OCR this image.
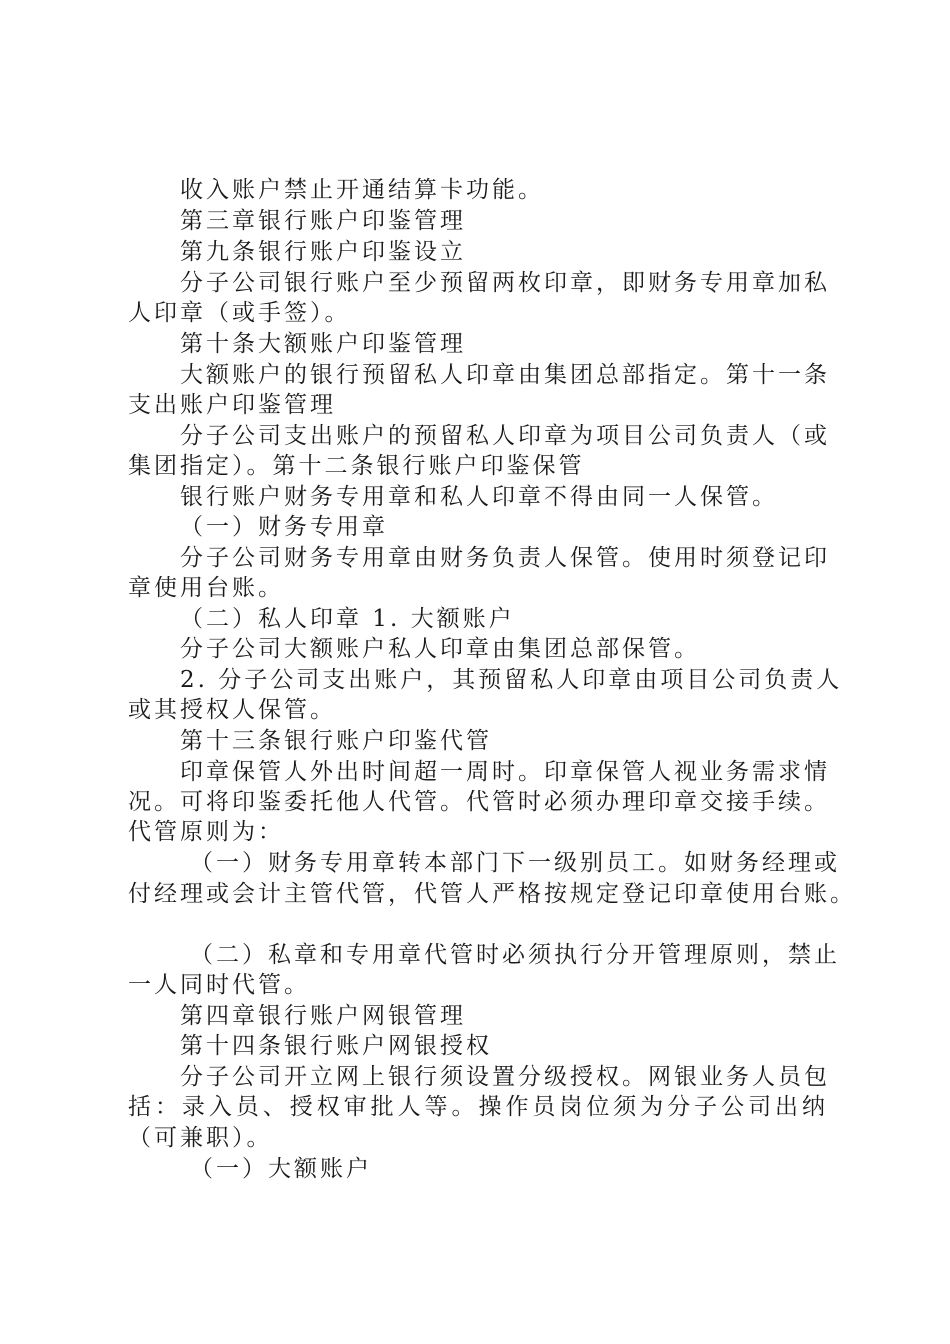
收入账户禁止开通结算卡功能。
第三章银行账户印鉴管理
第九条银行账户印鉴设立
分子公司银行账户至少预留两枚印章，即财务专用章加私
人印章（或手签）。
第十条大额账户印鉴管理
大额账户的银行预留私人印章由集团总部指定。第十一条
支出账户印鉴管理
分子公司支出账户的预留私人印章为项目公司负责人（或
集团指定）。第十二条银行账户印鉴保管
银行账户财务专用章和私人印章不得由同一人保管。
（一）财务专用章
分子公司财务专用章由财务负责人保管。使用时须登记印
章使用台账。
（二）私人印章 1. 大额账户
分子公司大额账户私人印章由集团总部保管。
2. 分子公司支出账户，其预留私人印章由项目公司负责人
或其授权人保管。
第十三条银行账户印鉴代管
印章保管人外出时间超一周时。印章保管人视业务需求情
况。可将印鉴委托他人代管。代管时必须办理印章交接手续。
代管原则为：
（一）财务专用章转本部门下一级别员工。如财务经理或
付经理或会计主管代管，代管人严格按规定登记印章使用台账。
（二）私章和专用章代管时必须执行分开管理原则，禁止
一人同时代管。
第四章银行账户网银管理
第十四条银行账户网银授权
分子公司开立网上银行须设置分级授权。网银业务人员包
括：录入员、授权审批人等。操作员岗位须为分子公司出纳
（可兼职）。
（一）大额账户
